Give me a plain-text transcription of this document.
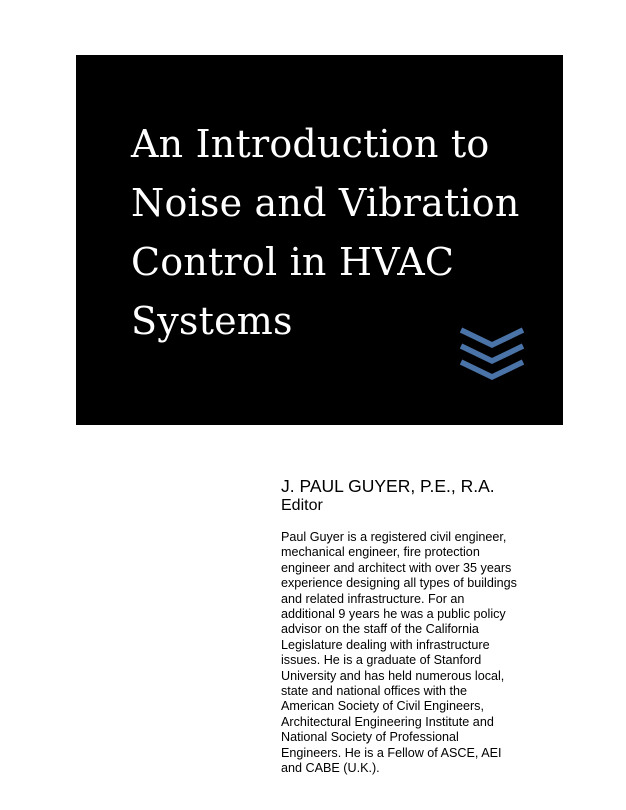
An Introduction to
Noise and Vibration
Control in HVAC
Systems

J. PAUL GUYER, P.E., R.A.

Editor

Paul Guyer is a registered civil engineer,
mechanical engineer, fire protection
engineer and architect with over 35 years
experience designing all types of buildings
and related infrastructure. For an
additional 9 years he was a public policy
advisor on the staff of the California
Legislature dealing with infrastructure
issues. He is a graduate of Stanford
University and has held numerous local,
state and national offices with the
American Society of Civil Engineers,
Architectural Engineering Institute and
National Society of Professional
Engineers. He is a Fellow of ASCE, AEI
and CABE (U.K.).
